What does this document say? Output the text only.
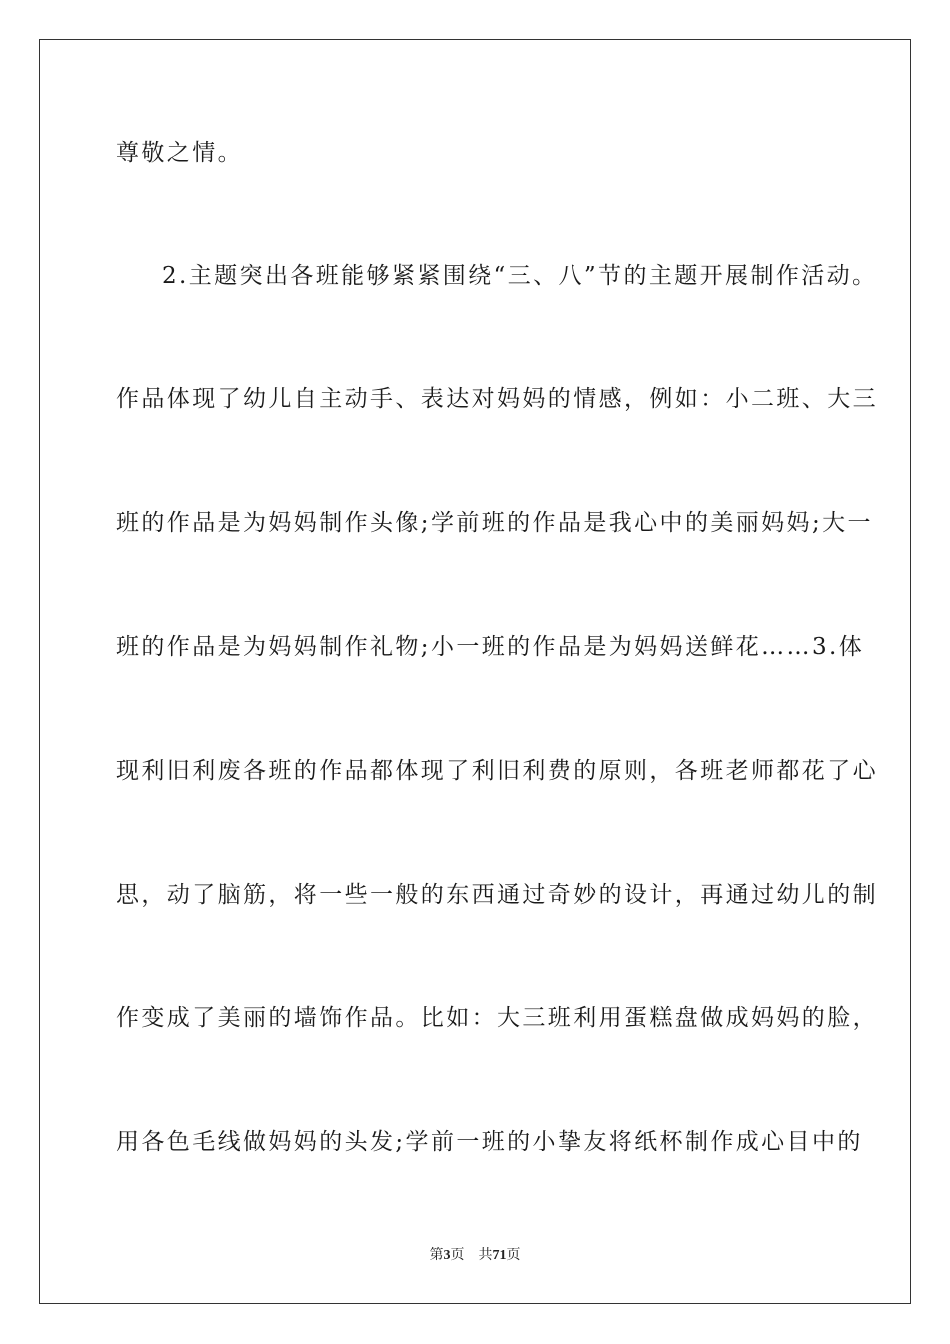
尊敬之情。

2.主题突出各班能够紧紧围绕“三、八”节的主题开展制作活动。

作品体现了幼儿自主动手、表达对妈妈的情感，例如：小二班、大三

班的作品是为妈妈制作头像;学前班的作品是我心中的美丽妈妈;大一

班的作品是为妈妈制作礼物;小一班的作品是为妈妈送鲜花……3.体

现利旧利废各班的作品都体现了利旧利费的原则，各班老师都花了心

思，动了脑筋，将一些一般的东西通过奇妙的设计，再通过幼儿的制

作变成了美丽的墙饰作品。比如：大三班利用蛋糕盘做成妈妈的脸，

用各色毛线做妈妈的头发;学前一班的小挚友将纸杯制作成心目中的

第3页 共71页
